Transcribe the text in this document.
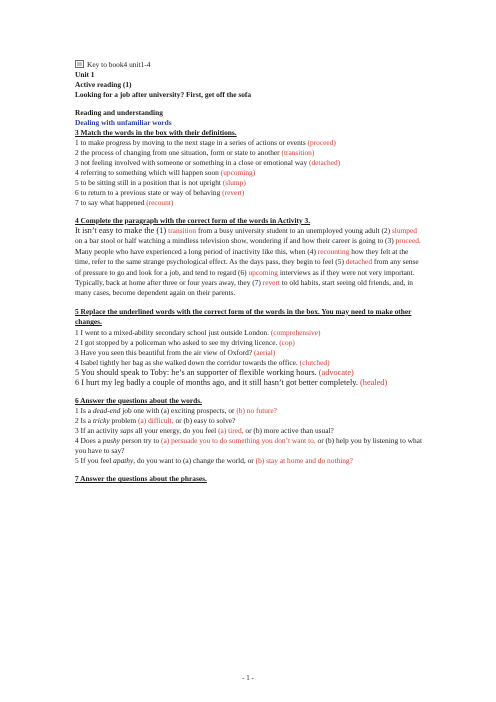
Key to book4 unit1-4
Unit 1
Active reading (1)
Looking for a job after university? First, get off the sofa
Reading and understanding
Dealing with unfamiliar words
3 Match the words in the box with their definitions.
1 to make progress by moving to the next stage in a series of actions or events (proceed)
2 the process of changing from one situation, form or state to another (transition)
3 not feeling involved with someone or something in a close or emotional way (detached)
4 referring to something which will happen soon (upcoming)
5 to be sitting still in a position that is not upright (slump)
6 to return to a previous state or way of behaving (revert)
7 to say what happened (recount)
4 Complete the paragraph with the correct form of the words in Activity 3.
It isn’t easy to make the (1) transition from a busy university student to an unemployed young adult (2) slumped on a bar stool or half watching a mindless television show, wondering if and how their career is going to (3) proceed. Many people who have experienced a long period of inactivity like this, when (4) recounting how they felt at the time, refer to the same strange psychological effect. As the days pass, they begin to feel (5) detached from any sense of pressure to go and look for a job, and tend to regard (6) upcoming interviews as if they were not very important. Typically, back at home after three or four years away, they (7) revert to old habits, start seeing old friends, and, in many cases, become dependent again on their parents.
5 Replace the underlined words with the correct form of the words in the box. You may need to make other changes.
1 I went to a mixed-ability secondary school just outside London. (comprehensive)
2 I got stopped by a policeman who asked to see my driving licence. (cop)
3 Have you seen this beautiful from the air view of Oxford? (aerial)
4 Isabel tightly her bag as she walked down the corridor towards the office. (clutched)
5 You should speak to Toby: he’s an supporter of flexible working hours. (advocate)
6 I hurt my leg badly a couple of months ago, and it still hasn’t got better completely. (healed)
6 Answer the questions about the words.
1 Is a dead-end job one with (a) exciting prospects, or (b) no future?
2 Is a tricky problem (a) difficult, or (b) easy to solve?
3 If an activity saps all your energy, do you feel (a) tired, or (b) more active than usual?
4 Does a pushy person try to (a) persuade you to do something you don’t want to, or (b) help you by listening to what you have to say?
5 If you feel apathy, do you want to (a) change the world, or (b) stay at home and do nothing?
7 Answer the questions about the phrases.
- 1 -
